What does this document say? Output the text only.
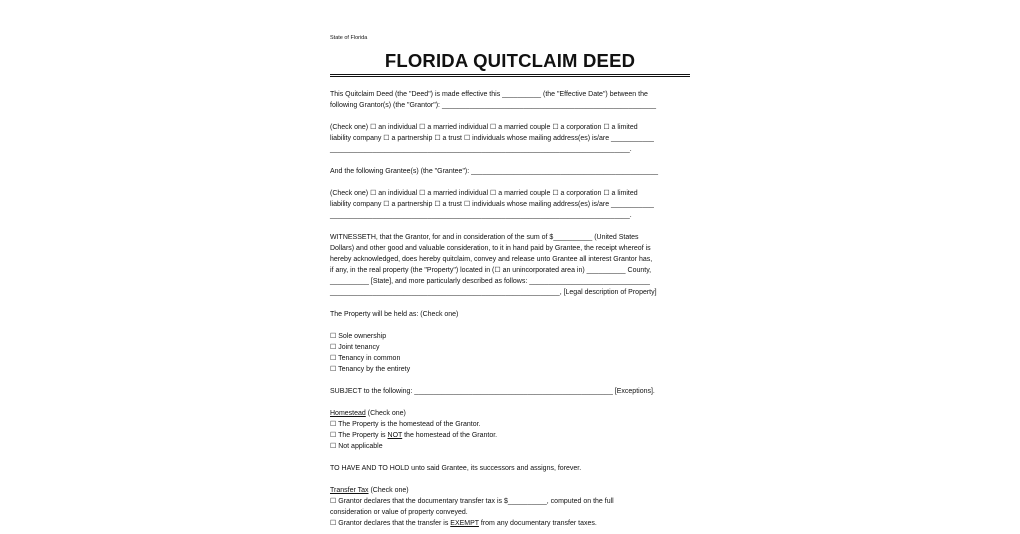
State of Florida
FLORIDA QUITCLAIM DEED

This Quitclaim Deed (the "Deed") is made effective this __________ (the "Effective Date") between the
following Grantor(s) (the "Grantor"): _______________________________________________________

(Check one) ☐ an individual ☐ a married individual ☐ a married couple ☐ a corporation ☐ a limited
liability company ☐ a partnership ☐ a trust ☐ individuals whose mailing address(es) is/are ___________
_____________________________________________________________________________.

And the following Grantee(s) (the "Grantee"): ________________________________________________

(Check one) ☐ an individual ☐ a married individual ☐ a married couple ☐ a corporation ☐ a limited
liability company ☐ a partnership ☐ a trust ☐ individuals whose mailing address(es) is/are ___________
_____________________________________________________________________________.

WITNESSETH, that the Grantor, for and in consideration of the sum of $__________ (United States
Dollars) and other good and valuable consideration, to it in hand paid by Grantee, the receipt whereof is
hereby acknowledged, does hereby quitclaim, convey and release unto Grantee all interest Grantor has,
if any, in the real property (the "Property") located in (☐ an unincorporated area in) __________ County,
__________ [State], and more particularly described as follows: _______________________________
___________________________________________________________, [Legal description of Property]

The Property will be held as: (Check one)

☐ Sole ownership
☐ Joint tenancy
☐ Tenancy in common
☐ Tenancy by the entirety

SUBJECT to the following: ___________________________________________________ [Exceptions].

Homestead (Check one)
☐ The Property is the homestead of the Grantor.
☐ The Property is NOT the homestead of the Grantor.
☐ Not applicable

TO HAVE AND TO HOLD unto said Grantee, its successors and assigns, forever.

Transfer Tax (Check one)
☐ Grantor declares that the documentary transfer tax is $__________, computed on the full
consideration or value of property conveyed.
☐ Grantor declares that the transfer is EXEMPT from any documentary transfer taxes.
